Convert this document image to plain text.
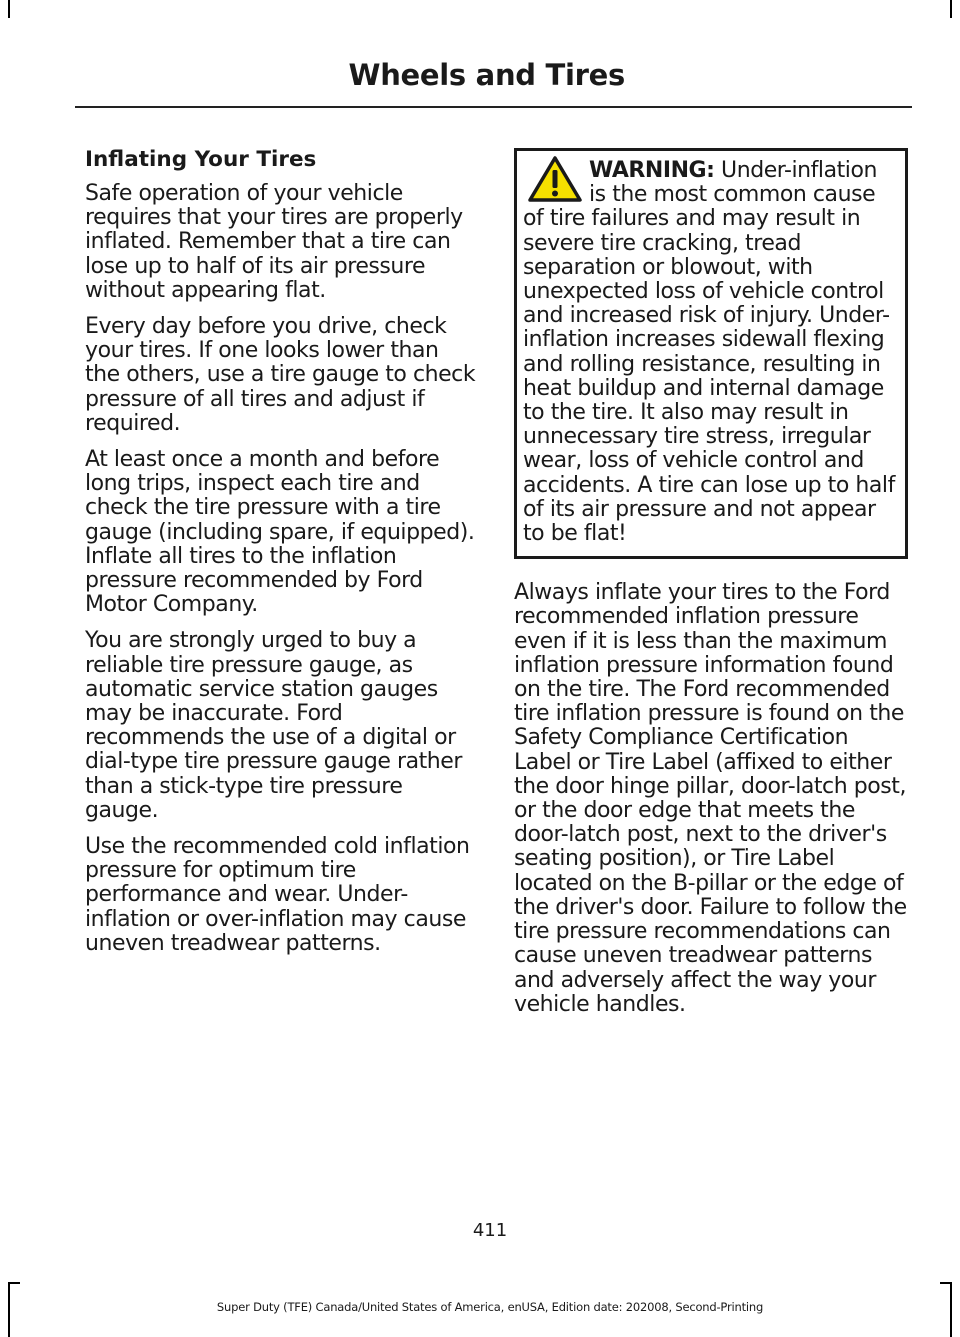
Wheels and Tires
Inflating Your Tires

Safe operation of your vehicle requires that your tires are properly inflated. Remember that a tire can lose up to half of its air pressure without appearing flat.

Every day before you drive, check your tires. If one looks lower than the others, use a tire gauge to check pressure of all tires and adjust if required.

At least once a month and before long trips, inspect each tire and check the tire pressure with a tire gauge (including spare, if equipped). Inflate all tires to the inflation pressure recommended by Ford Motor Company.

You are strongly urged to buy a reliable tire pressure gauge, as automatic service station gauges may be inaccurate. Ford recommends the use of a digital or dial-type tire pressure gauge rather than a stick-type tire pressure gauge.

Use the recommended cold inflation pressure for optimum tire performance and wear. Under-inflation or over-inflation may cause uneven treadwear patterns.

WARNING: Under-inflation is the most common cause of tire failures and may result in severe tire cracking, tread separation or blowout, with unexpected loss of vehicle control and increased risk of injury. Under-inflation increases sidewall flexing and rolling resistance, resulting in heat buildup and internal damage to the tire. It also may result in unnecessary tire stress, irregular wear, loss of vehicle control and accidents. A tire can lose up to half of its air pressure and not appear to be flat!

Always inflate your tires to the Ford recommended inflation pressure even if it is less than the maximum inflation pressure information found on the tire. The Ford recommended tire inflation pressure is found on the Safety Compliance Certification Label or Tire Label (affixed to either the door hinge pillar, door-latch post, or the door edge that meets the door-latch post, next to the driver's seating position), or Tire Label located on the B-pillar or the edge of the driver's door. Failure to follow the tire pressure recommendations can cause uneven treadwear patterns and adversely affect the way your vehicle handles.

411
Super Duty (TFE) Canada/United States of America, enUSA, Edition date: 202008, Second-Printing
